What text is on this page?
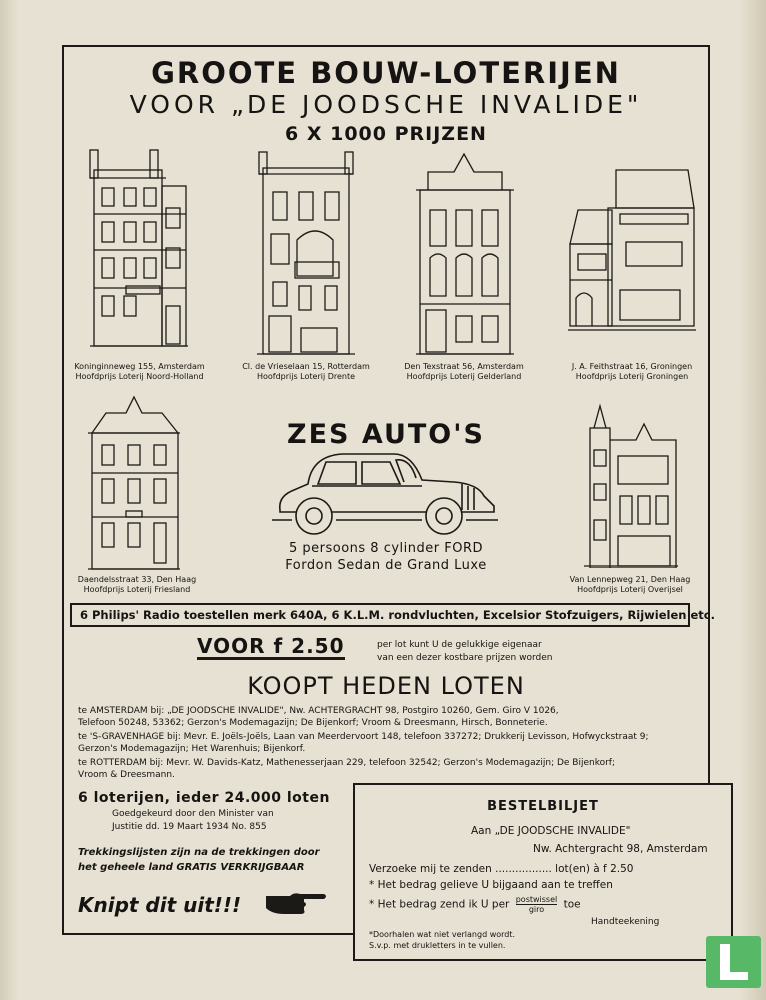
GROOTE BOUW-LOTERIJEN
VOOR „DE JOODSCHE INVALIDE"
6 X 1000 PRIJZEN
Koninginneweg 155, Amsterdam
Hoofdprijs Loterij Noord-Holland
Cl. de Vrieselaan 15, Rotterdam
Hoofdprijs Loterij Drente
Den Texstraat 56, Amsterdam
Hoofdprijs Loterij Gelderland
J. A. Feithstraat 16, Groningen
Hoofdprijs Loterij Groningen
Daendelsstraat 33, Den Haag
Hoofdprijs Loterij Friesland
ZES AUTO'S
5 persoons 8 cylinder FORD
Fordon Sedan de Grand Luxe
Van Lennepweg 21, Den Haag
Hoofdprijs Loterij Overijsel
6 Philips' Radio toestellen merk 640A, 6 K.L.M. rondvluchten, Excelsior Stofzuigers, Rijwielen etc.
VOOR f 2.50	per lot kunt U de gelukkige eigenaar
van een dezer kostbare prijzen worden
KOOPT HEDEN LOTEN
te AMSTERDAM bij: „DE JOODSCHE INVALIDE", Nw. ACHTERGRACHT 98, Postgiro 10260, Gem. Giro V 1026,
Telefoon 50248, 53362; Gerzon's Modemagazijn; De Bijenkorf; Vroom & Dreesmann, Hirsch, Bonneterie.
te 'S-GRAVENHAGE bij: Mevr. E. Joëls-Joëls, Laan van Meerdervoort 148, telefoon 337272; Drukkerij Levisson, Hofwyckstraat 9;
Gerzon's Modemagazijn; Het Warenhuis; Bijenkorf.
te ROTTERDAM bij: Mevr. W. Davids-Katz, Mathenesserjaan 229, telefoon 32542; Gerzon's Modemagazijn; De Bijenkorf;
Vroom & Dreesmann.
6 loterijen, ieder 24.000 loten
Goedgekeurd door den Minister van
Justitie dd. 19 Maart 1934 No. 855
Trekkingslijsten zijn na de trekkingen door
het geheele land GRATIS VERKRIJGBAAR
Knipt dit uit!!!
BESTELBILJET
Aan „DE JOODSCHE INVALIDE"
Nw. Achtergracht 98, Amsterdam
Verzoeke mij te zenden ................. lot(en) à f 2.50
* Het bedrag gelieve U bijgaand aan te treffen
* Het bedrag zend ik U per $\frac{\text{postwissel}}{\text{giro}}$ toe
Handteekening
*Doorhalen wat niet verlangd wordt.
S.v.p. met drukletters in te vullen.
